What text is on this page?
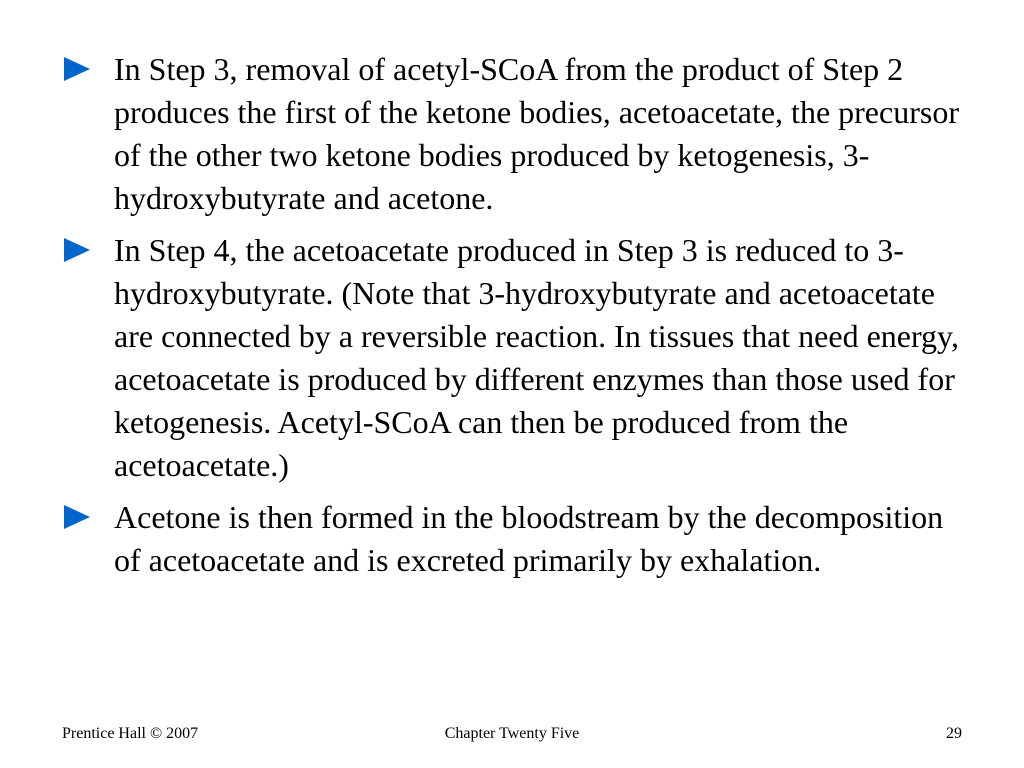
In Step 3, removal of acetyl-SCoA from the product of Step 2 produces the first of the ketone bodies, acetoacetate, the precursor of the other two ketone bodies produced by ketogenesis, 3-hydroxybutyrate and acetone.
In Step 4, the acetoacetate produced in Step 3 is reduced to 3-hydroxybutyrate. (Note that 3-hydroxybutyrate and acetoacetate are connected by a reversible reaction. In tissues that need energy, acetoacetate is produced by different enzymes than those used for ketogenesis. Acetyl-SCoA can then be produced from the acetoacetate.)
Acetone is then formed in the bloodstream by the decomposition of acetoacetate and is excreted primarily by exhalation.
Prentice Hall © 2007	Chapter Twenty Five	29
